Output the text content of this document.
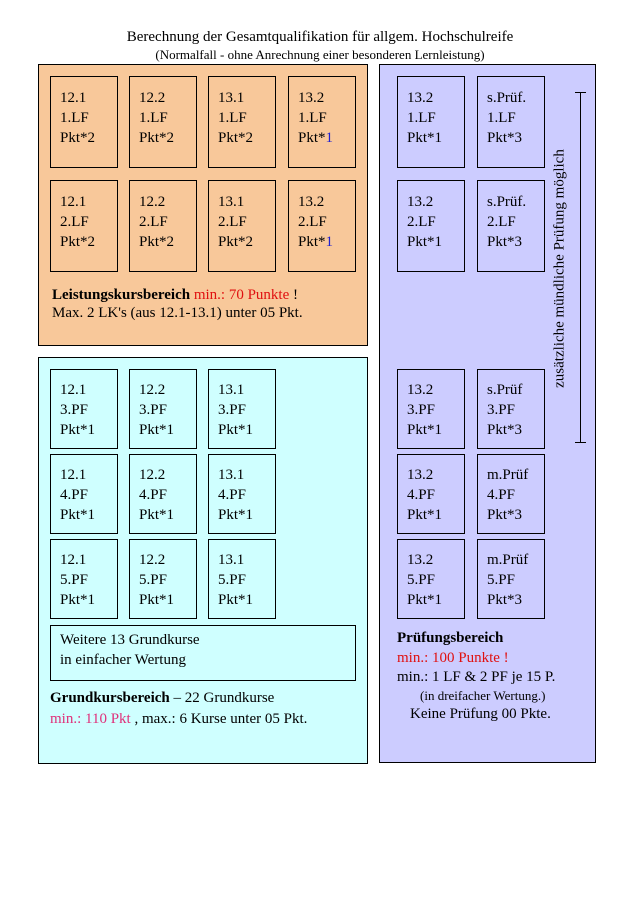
Berechnung der Gesamtqualifikation für allgem. Hochschulreife
(Normalfall - ohne Anrechnung einer besonderen Lernleistung)
12.1
1.LF
Pkt*2
12.2
1.LF
Pkt*2
13.1
1.LF
Pkt*2
13.2
1.LF
Pkt*1
12.1
2.LF
Pkt*2
12.2
2.LF
Pkt*2
13.1
2.LF
Pkt*2
13.2
2.LF
Pkt*1
Leistungskursbereich min.: 70 Punkte !
Max. 2 LK's (aus 12.1-13.1) unter 05 Pkt.
12.1
3.PF
Pkt*1
12.2
3.PF
Pkt*1
13.1
3.PF
Pkt*1
12.1
4.PF
Pkt*1
12.2
4.PF
Pkt*1
13.1
4.PF
Pkt*1
12.1
5.PF
Pkt*1
12.2
5.PF
Pkt*1
13.1
5.PF
Pkt*1
Weitere 13 Grundkurse
in einfacher Wertung
Grundkursbereich – 22 Grundkurse
min.: 110 Pkt , max.: 6 Kurse unter 05 Pkt.
13.2
1.LF
Pkt*1
s.Prüf.
1.LF
Pkt*3
13.2
2.LF
Pkt*1
s.Prüf.
2.LF
Pkt*3
13.2
3.PF
Pkt*1
s.Prüf
3.PF
Pkt*3
13.2
4.PF
Pkt*1
m.Prüf
4.PF
Pkt*3
13.2
5.PF
Pkt*1
m.Prüf
5.PF
Pkt*3
Prüfungsbereich
min.: 100 Punkte !
min.: 1 LF & 2 PF je 15 P.
(in dreifacher Wertung.)
Keine Prüfung 00 Pkte.
zusätzliche mündliche Prüfung möglich
